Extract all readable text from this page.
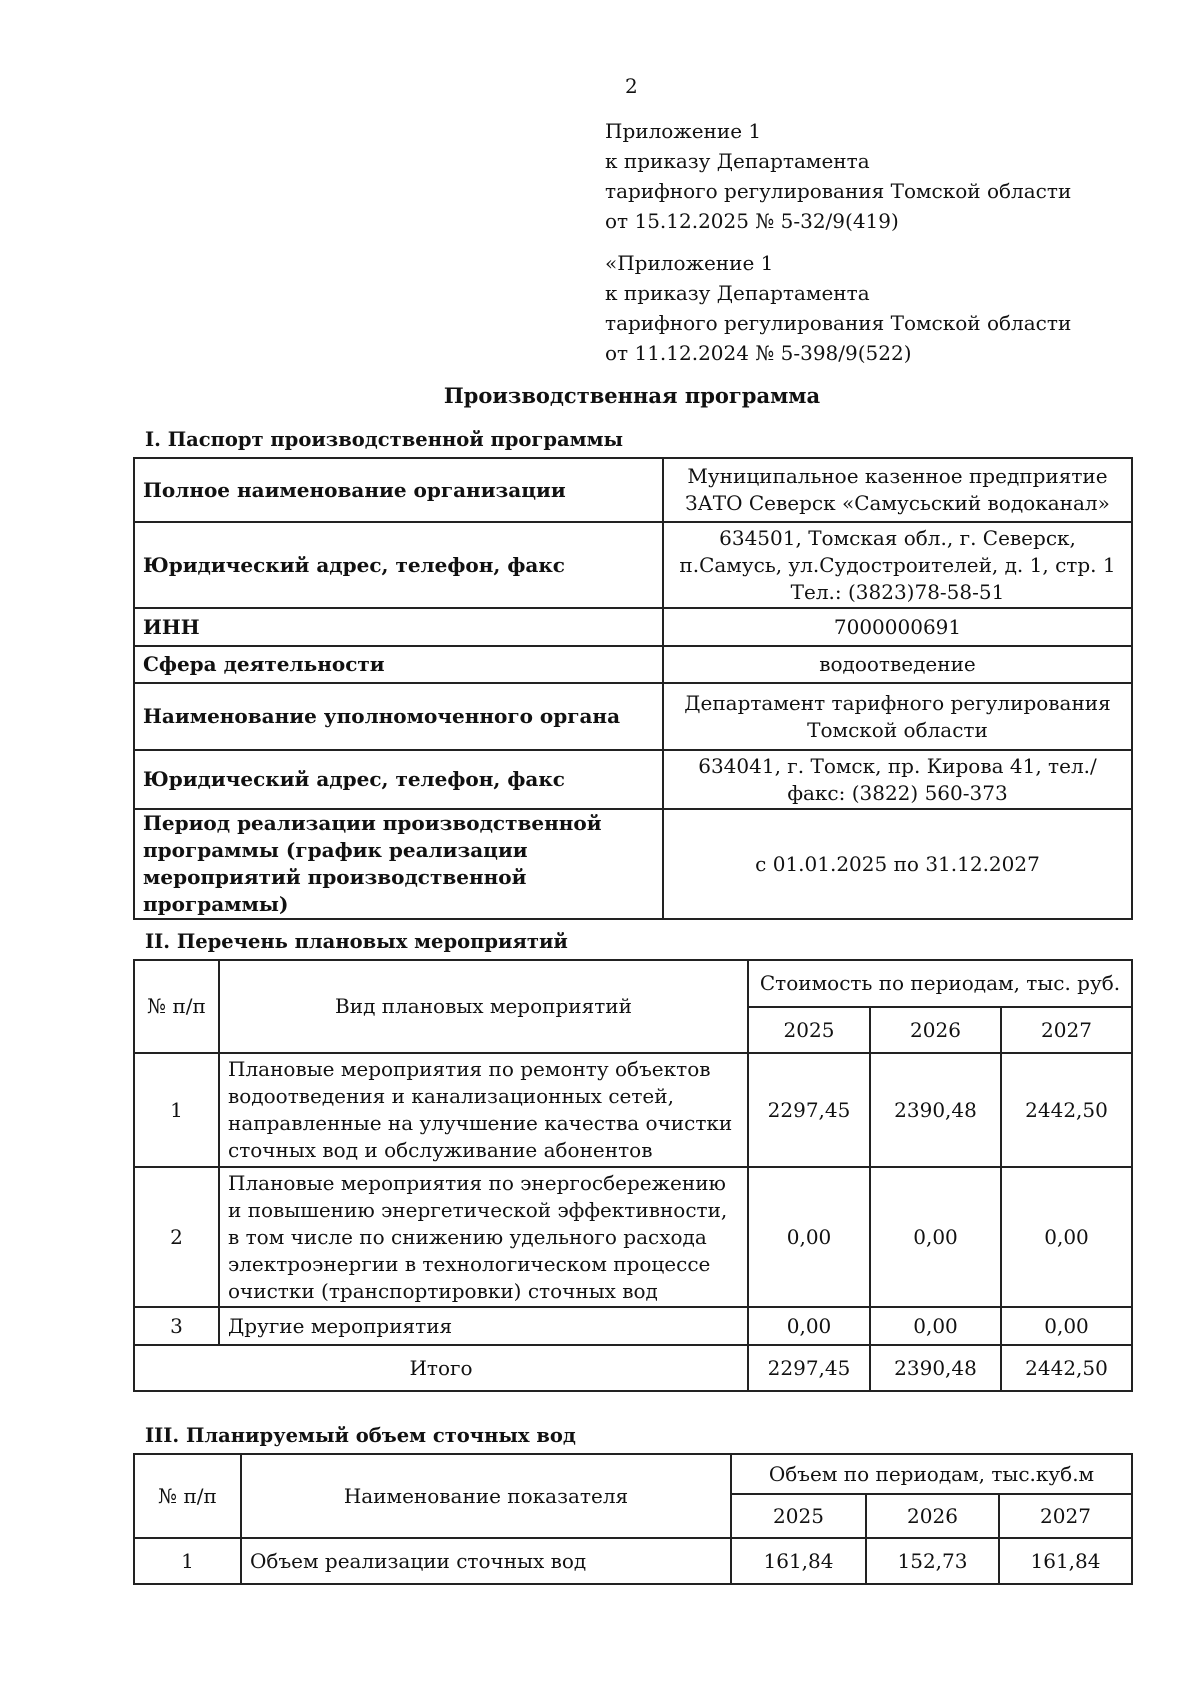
2
Приложение 1
к приказу Департамента
тарифного регулирования Томской области
от 15.12.2025 № 5-32/9(419)
«Приложение 1
к приказу Департамента
тарифного регулирования Томской области
от 11.12.2024 № 5-398/9(522)
Производственная программа
I. Паспорт производственной программы
Полное наименование организации	Муниципальное казенное предприятие ЗАТО Северск «Самусьский водоканал»
Юридический адрес, телефон, факс	634501, Томская обл., г. Северск, п.Самусь, ул.Судостроителей, д. 1, стр. 1 Тел.: (3823)78-58-51
ИНН	7000000691
Сфера деятельности	водоотведение
Наименование уполномоченного органа	Департамент тарифного регулирования Томской области
Юридический адрес, телефон, факс	634041, г. Томск, пр. Кирова 41, тел./факс: (3822) 560-373
Период реализации производственной программы (график реализации мероприятий производственной программы)	с 01.01.2025 по 31.12.2027
II. Перечень плановых мероприятий
№ п/п	Вид плановых мероприятий	Стоимость по периодам, тыс. руб.		
		2025	2026	2027
1	Плановые мероприятия по ремонту объектов водоотведения и канализационных сетей, направленные на улучшение качества очистки сточных вод и обслуживание абонентов	2297,45	2390,48	2442,50
2	Плановые мероприятия по энергосбережению и повышению энергетической эффективности, в том числе по снижению удельного расхода электроэнергии в технологическом процессе очистки (транспортировки) сточных вод	0,00	0,00	0,00
3	Другие мероприятия	0,00	0,00	0,00
Итого		2297,45	2390,48	2442,50
III. Планируемый объем сточных вод
№ п/п	Наименование показателя	Объем по периодам, тыс.куб.м		
		2025	2026	2027
1	Объем реализации сточных вод	161,84	152,73	161,84
